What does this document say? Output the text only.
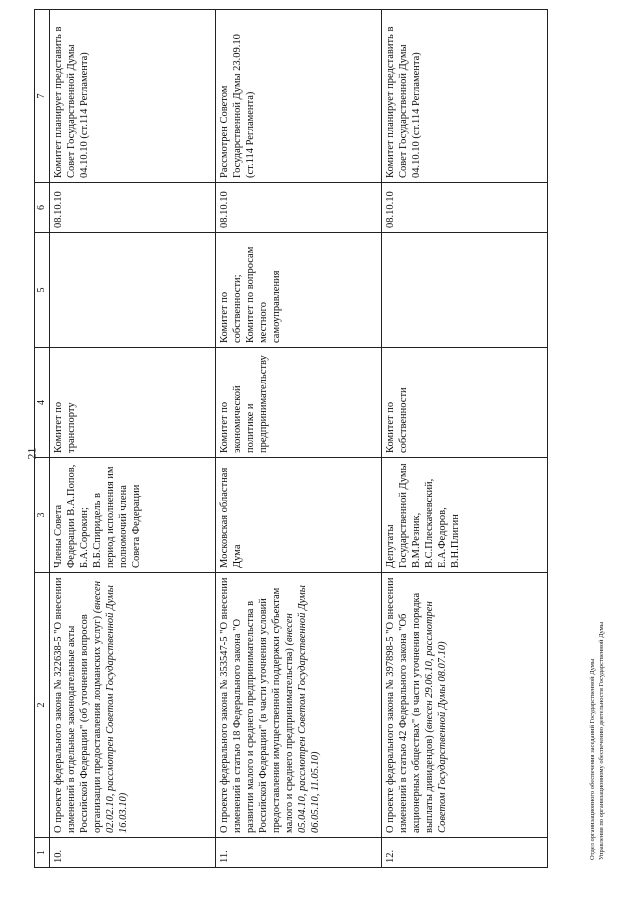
21
1	2	3	4	5	6	7
10.	О проекте федерального закона № 322638-5 "О внесении изменений в отдельные законодательные акты Российской Федерации" (об уточнении вопросов организации предоставления лоцманских услуг) (внесен 02.02.10, рассмотрен Советом Государственной Думы 16.03.10)	Члены Совета Федерации В.А.Попов, Б.А.Сорокин; В.Б.Спиридель в период исполнения им полномочий члена Совета Федерации	Комитет по транспорту		08.10.10	Комитет планирует представить в Совет Государственной Думы 04.10.10 (ст.114 Регламента)
11.	О проекте федерального закона № 353547-5 "О внесении изменений в статью 18 Федерального закона "О развитии малого и среднего предпринимательства в Российской Федерации" (в части уточнения условий предоставления имущественной поддержки субъектам малого и среднего предпринимательства) (внесен 05.04.10, рассмотрен Советом Государственной Думы 06.05.10, 11.05.10)	Московская областная Дума	Комитет по экономической политике и предпринимательству	Комитет по собственности; Комитет по вопросам местного самоуправления	08.10.10	Рассмотрен Советом Государственной Думы 23.09.10 (ст.114 Регламента)
12.	О проекте федерального закона № 397898-5 "О внесении изменений в статью 42 Федерального закона "Об акционерных обществах" (в части уточнения порядка выплаты дивидендов) (внесен 29.06.10, рассмотрен Советом Государственной Думы 08.07.10)	Депутаты Государственной Думы В.М.Резник, В.С.Плескачевский, Е.А.Федоров, В.Н.Плигин	Комитет по собственности		08.10.10	Комитет планирует представить в Совет Государственной Думы 04.10.10 (ст.114 Регламента)
Отдел организационного обеспечения заседаний Государственной Думы Управления по организационному обеспечению деятельности Государственной Думы
